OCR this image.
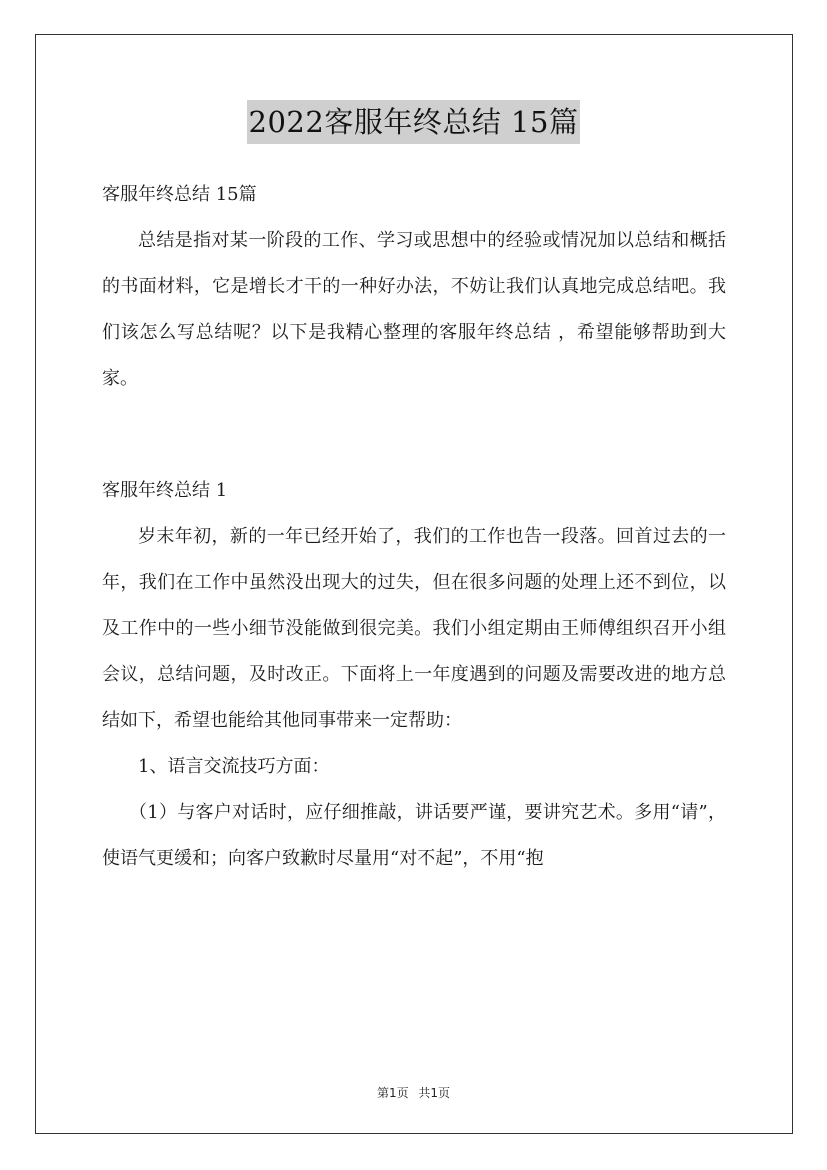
2022客服年终总结 15篇

客服年终总结 15篇

总结是指对某一阶段的工作、学习或思想中的经验或情况加以总结和概括的书面材料，它是增长才干的一种好办法，不妨让我们认真地完成总结吧。我们该怎么写总结呢？以下是我精心整理的客服年终总结 ，希望能够帮助到大家。

客服年终总结 1

岁末年初，新的一年已经开始了，我们的工作也告一段落。回首过去的一年，我们在工作中虽然没出现大的过失，但在很多问题的处理上还不到位，以及工作中的一些小细节没能做到很完美。我们小组定期由王师傅组织召开小组会议，总结问题，及时改正。下面将上一年度遇到的问题及需要改进的地方总结如下，希望也能给其他同事带来一定帮助：

1、语言交流技巧方面：

（1）与客户对话时，应仔细推敲，讲话要严谨，要讲究艺术。多用“请”，使语气更缓和；向客户致歉时尽量用“对不起”，不用“抱

第1页 共1页
